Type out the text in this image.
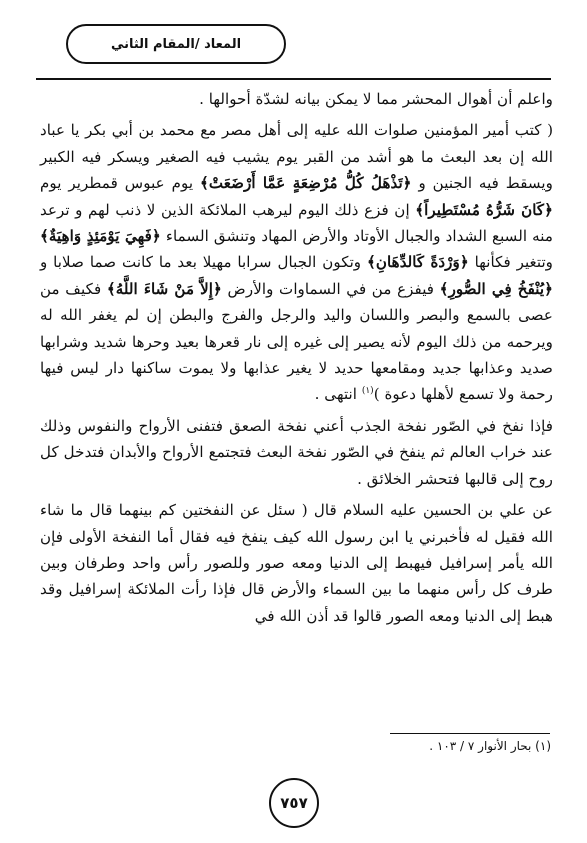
المعاد /المقام الثاني

واعلم أن أهوال المحشر مما لا يمكن بيانه لشدّة أحوالها .

( كتب أمير المؤمنين صلوات الله عليه إلى أهل مصر مع محمد بن أبي بكر يا عباد الله إن بعد البعث ما هو أشد من القبر يوم يشيب فيه الصغير ويسكر فيه الكبير ويسقط فيه الجنين و ﴿تَذْهَلُ كُلُّ مُرْضِعَةٍ عَمَّا أَرْضَعَتْ﴾ يوم عبوس قمطرير يوم ﴿كَانَ شَرُّهُ مُسْتَطِيراً﴾ إن فزع ذلك اليوم ليرهب الملائكة الذين لا ذنب لهم و ترعد منه السبع الشداد والجبال الأوتاد والأرض المهاد وتنشق السماء ﴿فَهِيَ يَوْمَئِذٍ وَاهِيَةٌ﴾ وتتغير فكأنها ﴿وَرْدَةً كَالدِّهَانِ﴾ وتكون الجبال سرابا مهيلا بعد ما كانت صما صلابا و ﴿يُنْفَخُ فِي الصُّورِ﴾ فيفزع من في السماوات والأرض ﴿إِلاَّ مَنْ شَاءَ اللَّهُ﴾ فكيف من عصى بالسمع والبصر واللسان واليد والرجل والفرج والبطن إن لم يغفر الله له ويرحمه من ذلك اليوم لأنه يصير إلى غيره إلى نار قعرها بعيد وحرها شديد وشرابها صديد وعذابها جديد ومقامعها حديد لا يغير عذابها ولا يموت ساكنها دار ليس فيها رحمة ولا تسمع لأهلها دعوة )$^{(١)}$ انتهى .

فإذا نفخ في الصّور نفخة الجذب أعني نفخة الصعق فتفنى الأرواح والنفوس وذلك عند خراب العالم ثم ينفخ في الصّور نفخة البعث فتجتمع الأرواح والأبدان فتدخل كل روح إلى قالبها فتحشر الخلائق .

عن علي بن الحسين عليه السلام قال ( سئل عن النفختين كم بينهما قال ما شاء الله فقيل له فأخبرني يا ابن رسول الله كيف ينفخ فيه فقال أما النفخة الأولى فإن الله يأمر إسرافيل فيهبط إلى الدنيا ومعه صور وللصور رأس واحد وطرفان وبين طرف كل رأس منهما ما بين السماء والأرض قال فإذا رأت الملائكة إسرافيل وقد هبط إلى الدنيا ومعه الصور قالوا قد أذن الله في

(١) بحار الأنوار ٧ / ١٠٣ .
٧٥٧
